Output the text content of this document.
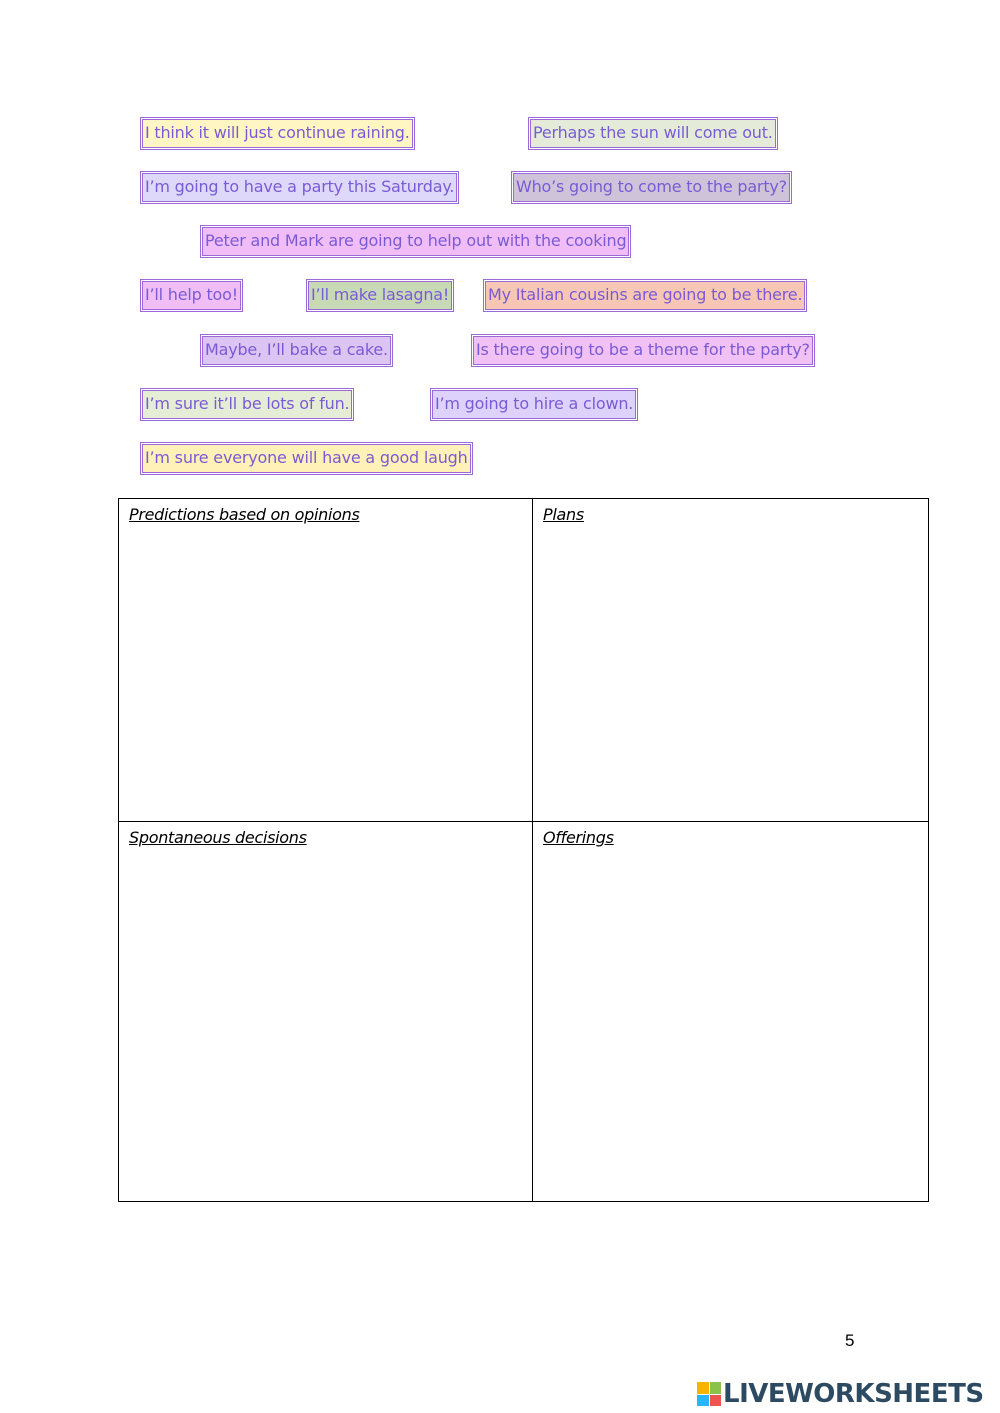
I think it will just continue raining.	Perhaps the sun will come out.
I’m going to have a party this Saturday.	Who’s going to come to the party?
Peter and Mark are going to help out with the cooking
I’ll help too!	I’ll make lasagna! My Italian cousins are going to be there.
Maybe, I’ll bake a cake.	Is there going to be a theme for the party?
I’m sure it’ll be lots of fun.	I’m going to hire a clown.
I’m sure everyone will have a good laugh
Predictions based on opinions	Plans
Spontaneous decisions	Offerings
5
LIVEWORKSHEETS
